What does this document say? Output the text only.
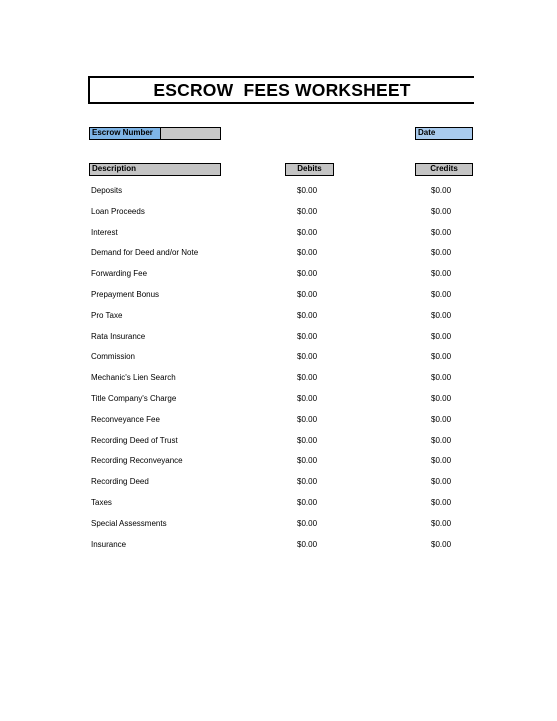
ESCROW  FEES WORKSHEET
Escrow Number	Date
Description	Debits	Credits
Deposits	$0.00	$0.00
Loan Proceeds	$0.00	$0.00
Interest	$0.00	$0.00
Demand for Deed and/or Note	$0.00	$0.00
Forwarding Fee	$0.00	$0.00
Prepayment Bonus	$0.00	$0.00
Pro Taxe	$0.00	$0.00
Rata Insurance	$0.00	$0.00
Commission	$0.00	$0.00
Mechanic's Lien Search	$0.00	$0.00
Title Company's Charge	$0.00	$0.00
Reconveyance Fee	$0.00	$0.00
Recording Deed of Trust	$0.00	$0.00
Recording Reconveyance	$0.00	$0.00
Recording Deed	$0.00	$0.00
Taxes	$0.00	$0.00
Special Assessments	$0.00	$0.00
Insurance	$0.00	$0.00
